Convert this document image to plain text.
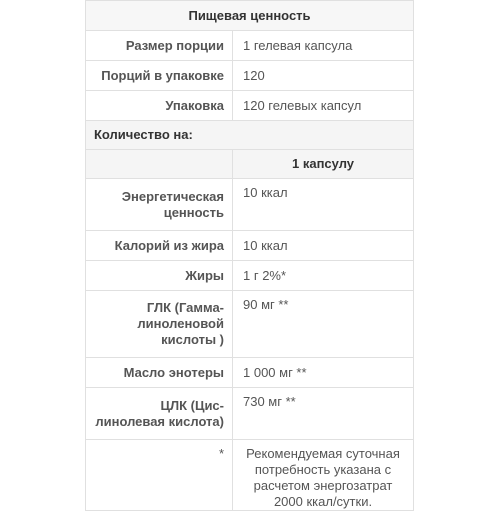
Пищевая ценность	
Размер порции	1 гелевая капсула
Порций в упаковке	120
Упаковка	120 гелевых капсул
Количество на:	
	1 капсулу
Энергетическая
ценность	10 ккал
Калорий из жира	10 ккал
Жиры	1 г 2%*
ГЛК (Гамма-
линоленовой
кислоты )	90 мг **
Масло энотеры	1 000 мг **
ЦЛК (Цис-
линолевая кислота)	730 мг **
*	Рекомендуемая суточная
потребность указана с
расчетом энергозатрат
2000 ккал/сутки.
